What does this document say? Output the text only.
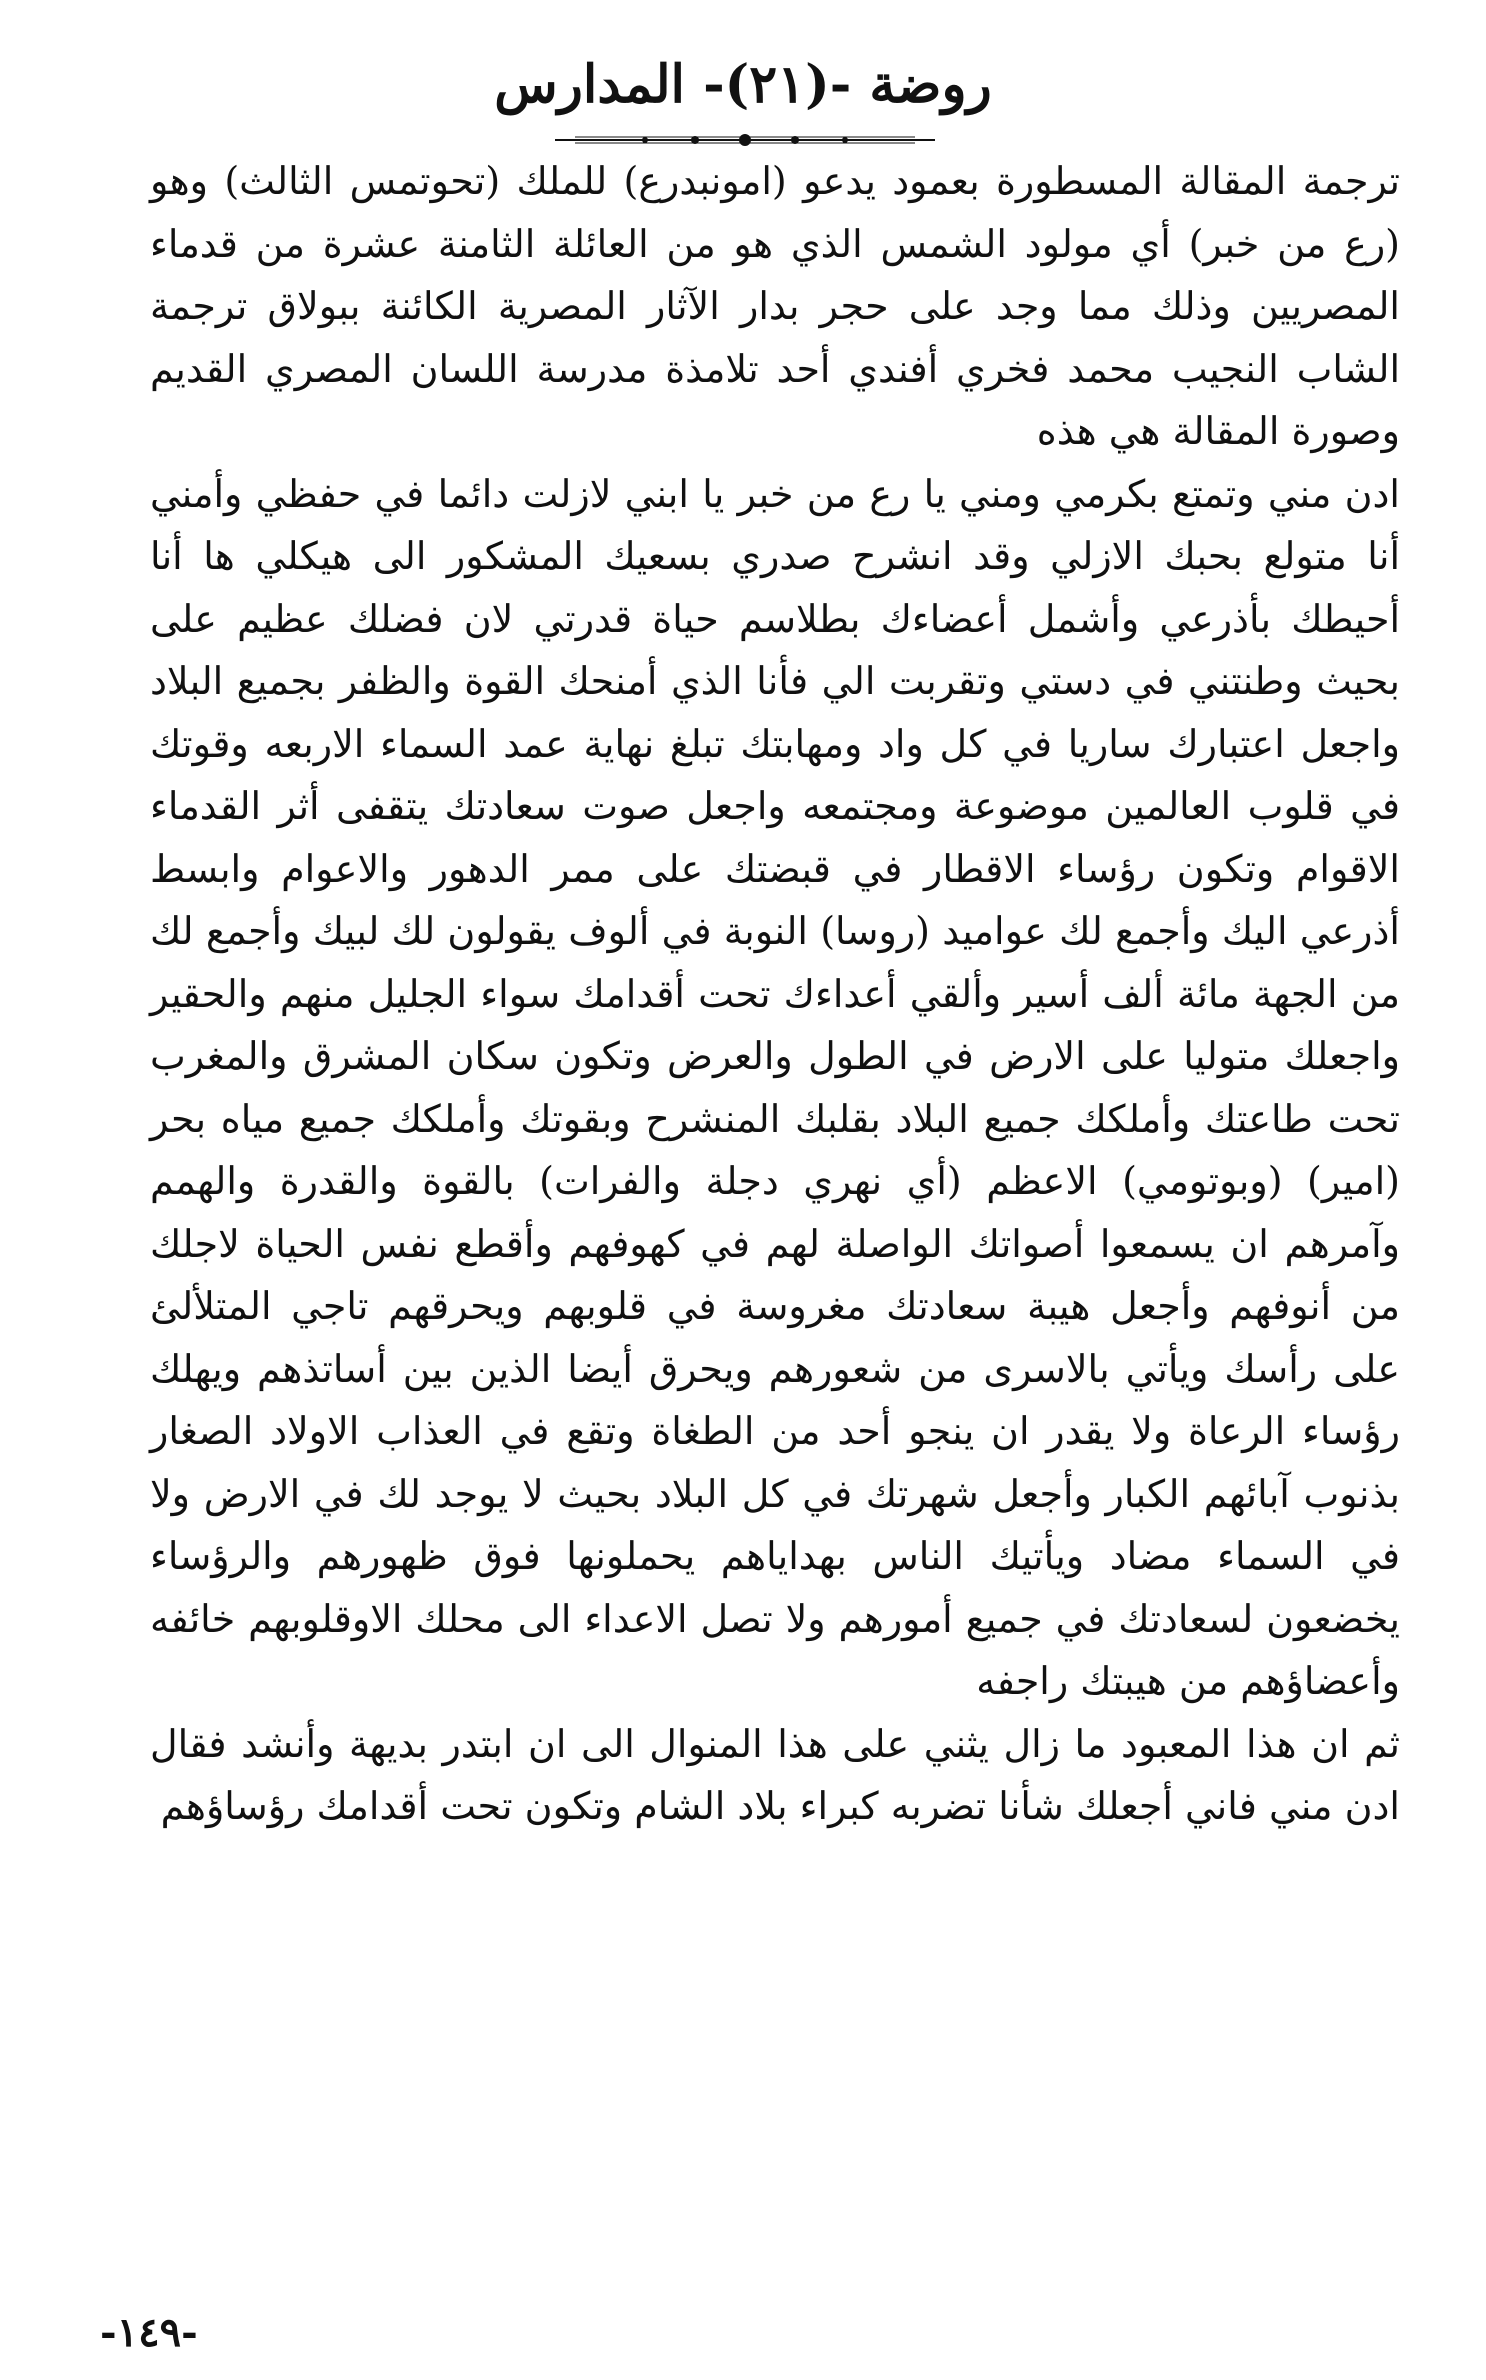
روضة -(٢١)- المدارس

ترجمة المقالة المسطورة بعمود يدعو (امونبدرع) للملك (تحوتمس الثالث) وهو (رع من خبر) أي مولود الشمس الذي هو من العائلة الثامنة عشرة من قدماء المصريين وذلك مما وجد على حجر بدار الآثار المصرية الكائنة ببولاق ترجمة الشاب النجيب محمد فخري أفندي أحد تلامذة مدرسة اللسان المصري القديم وصورة المقالة هي هذه

ادن مني وتمتع بكرمي ومني يا رع من خبر يا ابني لازلت دائما في حفظي وأمني أنا متولع بحبك الازلي وقد انشرح صدري بسعيك المشكور الى هيكلي ها أنا أحيطك بأذرعي وأشمل أعضاءك بطلاسم حياة قدرتي لان فضلك عظيم على بحيث وطنتني في دستي وتقربت الي فأنا الذي أمنحك القوة والظفر بجميع البلاد واجعل اعتبارك ساريا في كل واد ومهابتك تبلغ نهاية عمد السماء الاربعه وقوتك في قلوب العالمين موضوعة ومجتمعه واجعل صوت سعادتك يتقفى أثر القدماء الاقوام وتكون رؤساء الاقطار في قبضتك على ممر الدهور والاعوام وابسط أذرعي اليك وأجمع لك عواميد (روسا) النوبة في ألوف يقولون لك لبيك وأجمع لك من الجهة مائة ألف أسير وألقي أعداءك تحت أقدامك سواء الجليل منهم والحقير واجعلك متوليا على الارض في الطول والعرض وتكون سكان المشرق والمغرب تحت طاعتك وأملكك جميع البلاد بقلبك المنشرح وبقوتك وأملكك جميع مياه بحر (امير) (وبوتومي) الاعظم (أي نهري دجلة والفرات) بالقوة والقدرة والهمم وآمرهم ان يسمعوا أصواتك الواصلة لهم في كهوفهم وأقطع نفس الحياة لاجلك من أنوفهم وأجعل هيبة سعادتك مغروسة في قلوبهم ويحرقهم تاجي المتلألئ على رأسك ويأتي بالاسرى من شعورهم ويحرق أيضا الذين بين أساتذهم ويهلك رؤساء الرعاة ولا يقدر ان ينجو أحد من الطغاة وتقع في العذاب الاولاد الصغار بذنوب آبائهم الكبار وأجعل شهرتك في كل البلاد بحيث لا يوجد لك في الارض ولا في السماء مضاد ويأتيك الناس بهداياهم يحملونها فوق ظهورهم والرؤساء يخضعون لسعادتك في جميع أمورهم ولا تصل الاعداء الى محلك الاوقلوبهم خائفه وأعضاؤهم من هيبتك راجفه

ثم ان هذا المعبود ما زال يثني على هذا المنوال الى ان ابتدر بديهة وأنشد فقال ادن مني فاني أجعلك شأنا تضربه كبراء بلاد الشام وتكون تحت أقدامك رؤساؤهم

-١٤٩-
